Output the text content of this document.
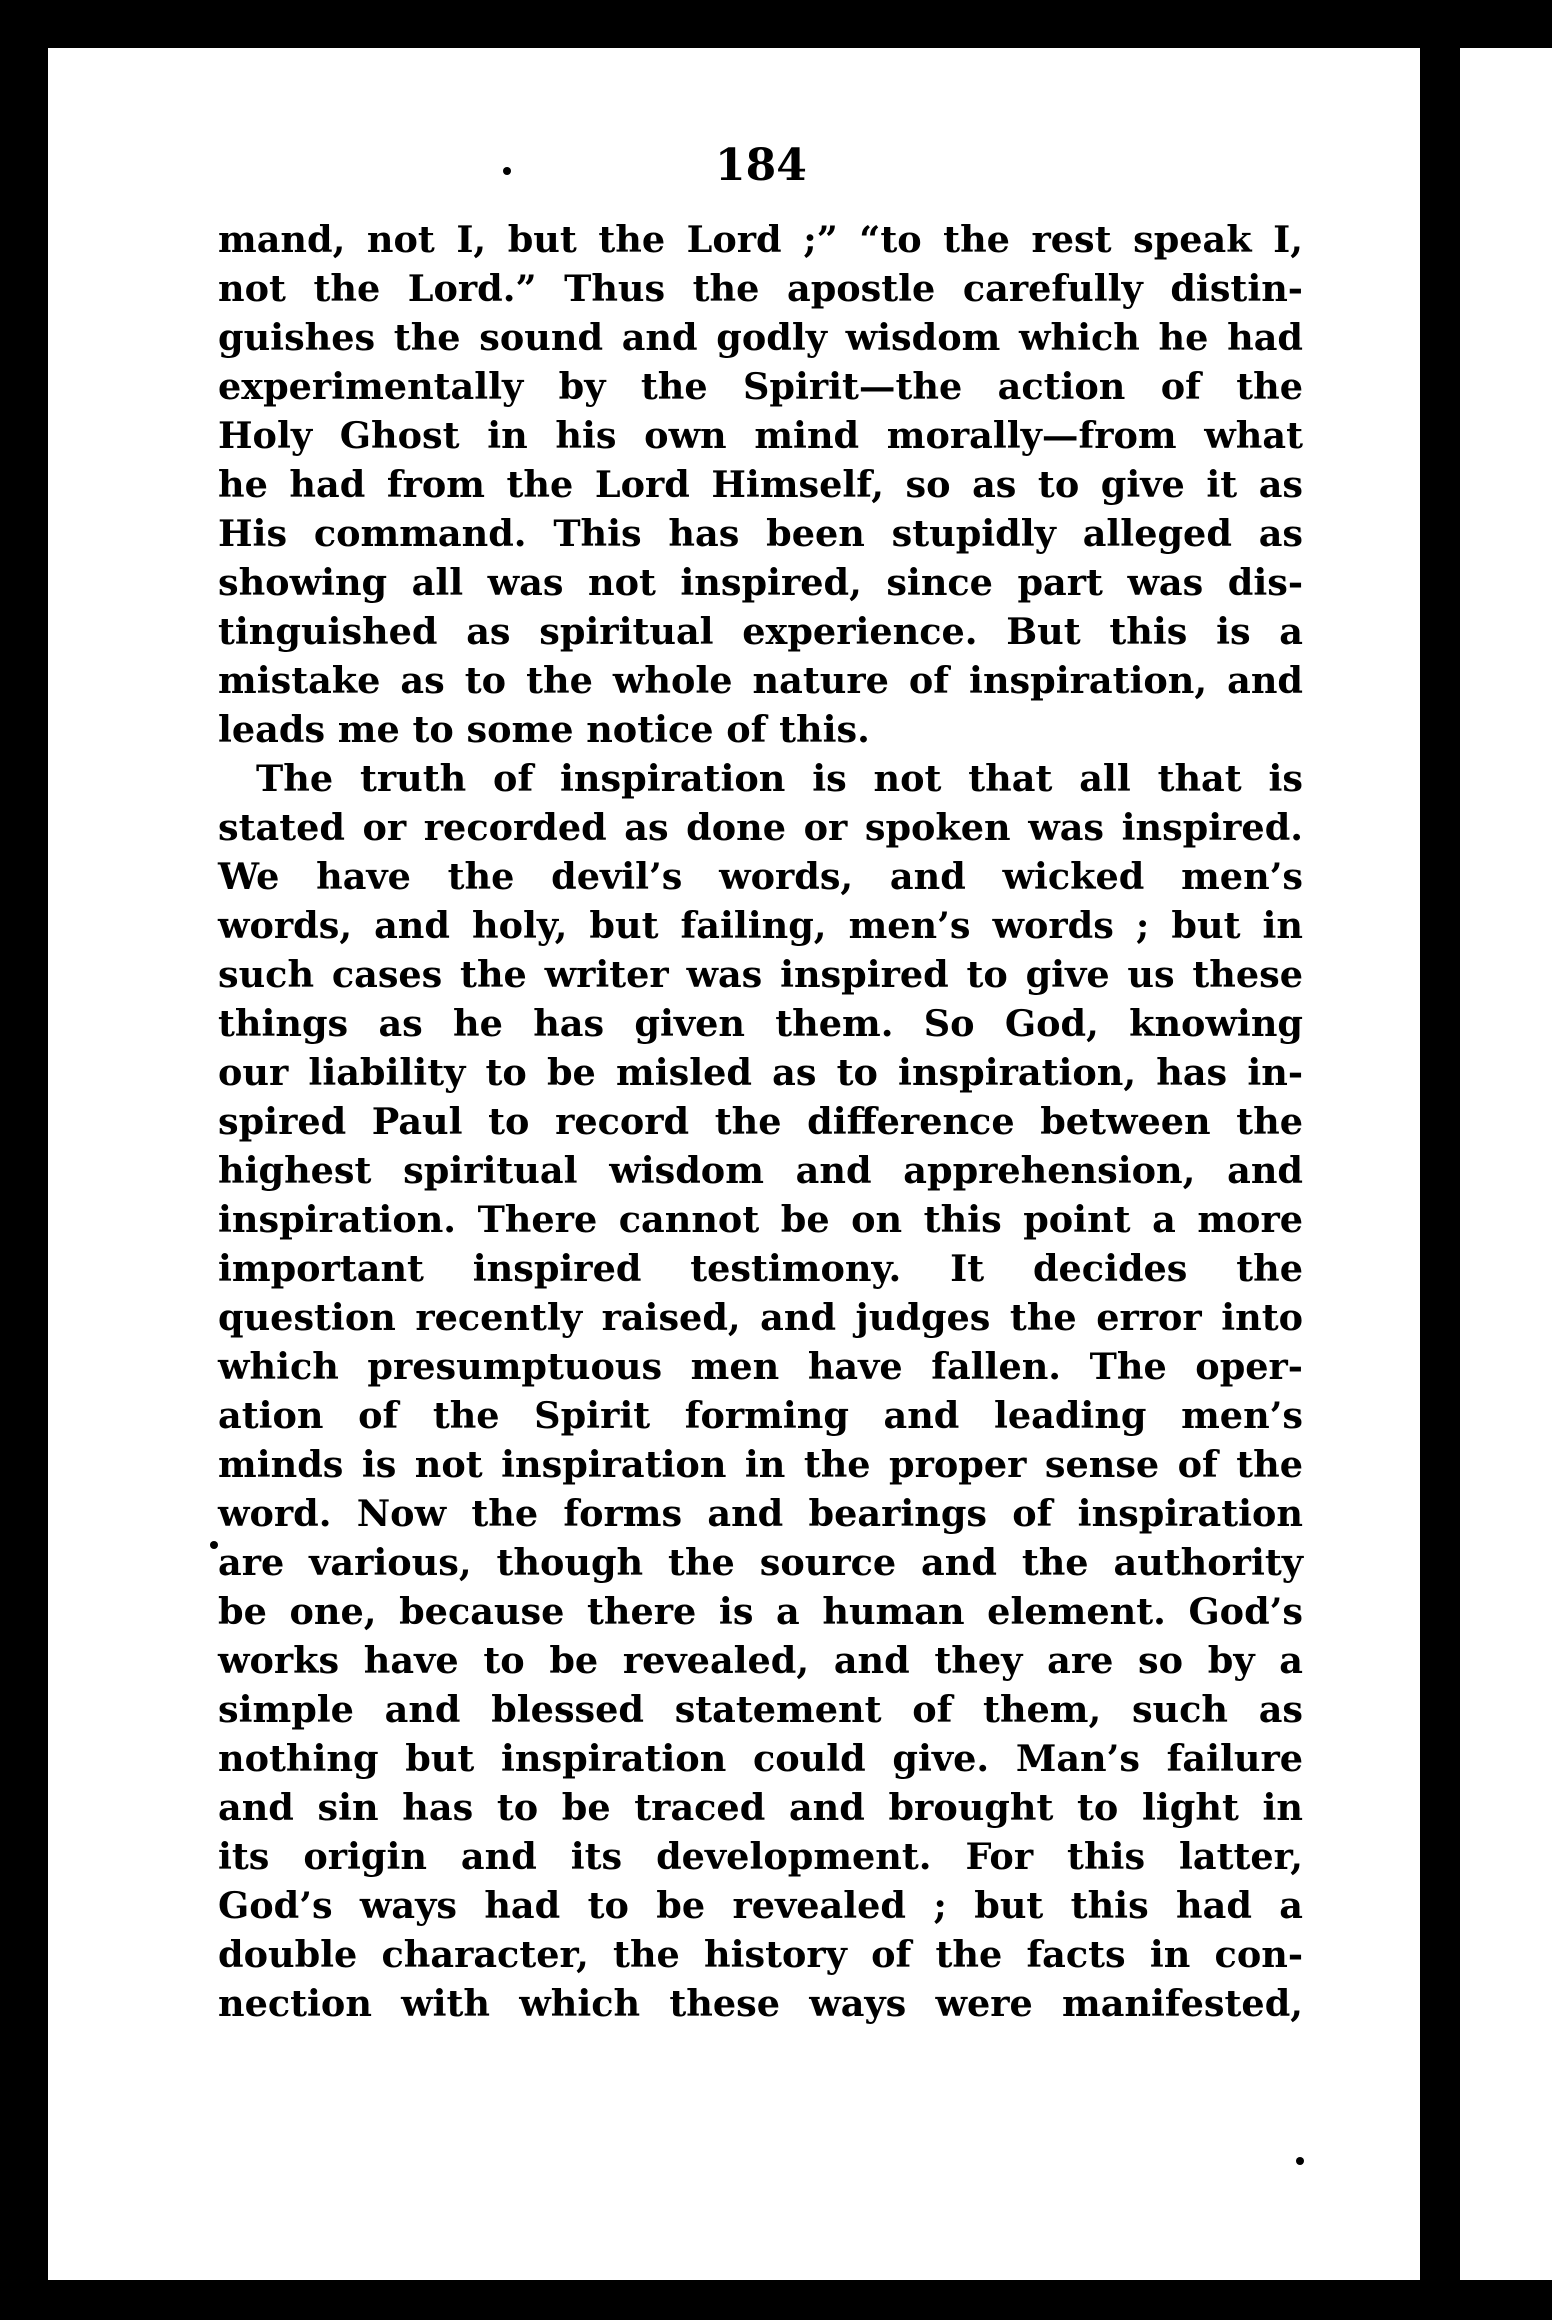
184
mand, not I, but the Lord ;” “to the rest speak I,
not the Lord.” Thus the apostle carefully distin-
guishes the sound and godly wisdom which he had
experimentally by the Spirit—the action of the
Holy Ghost in his own mind morally—from what
he had from the Lord Himself, so as to give it as
His command. This has been stupidly alleged as
showing all was not inspired, since part was dis-
tinguished as spiritual experience. But this is a
mistake as to the whole nature of inspiration, and
leads me to some notice of this.
The truth of inspiration is not that all that is
stated or recorded as done or spoken was inspired.
We have the devil’s words, and wicked men’s
words, and holy, but failing, men’s words ; but in
such cases the writer was inspired to give us these
things as he has given them. So God, knowing
our liability to be misled as to inspiration, has in-
spired Paul to record the difference between the
highest spiritual wisdom and apprehension, and
inspiration. There cannot be on this point a more
important inspired testimony. It decides the
question recently raised, and judges the error into
which presumptuous men have fallen. The oper-
ation of the Spirit forming and leading men’s
minds is not inspiration in the proper sense of the
word. Now the forms and bearings of inspiration
are various, though the source and the authority
be one, because there is a human element. God’s
works have to be revealed, and they are so by a
simple and blessed statement of them, such as
nothing but inspiration could give. Man’s failure
and sin has to be traced and brought to light in
its origin and its development. For this latter,
God’s ways had to be revealed ; but this had a
double character, the history of the facts in con-
nection with which these ways were manifested,
